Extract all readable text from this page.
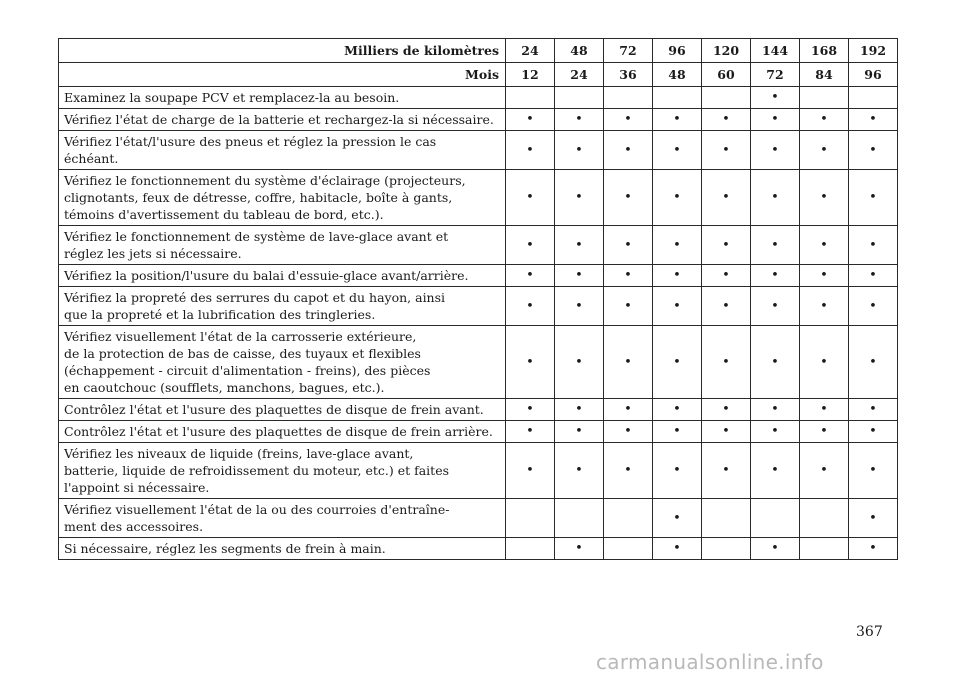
Milliers de kilomètres	24	48	72	96	120	144	168	192
Mois	12	24	36	48	60	72	84	96
Examinez la soupape PCV et remplacez-la au besoin.						•		
Vérifiez l'état de charge de la batterie et rechargez-la si nécessaire.	•	•	•	•	•	•	•	•
Vérifiez l'état/l'usure des pneus et réglez la pression le cas
échéant.	•	•	•	•	•	•	•	•
Vérifiez le fonctionnement du système d'éclairage (projecteurs,
clignotants, feux de détresse, coffre, habitacle, boîte à gants,
témoins d'avertissement du tableau de bord, etc.).	•	•	•	•	•	•	•	•
Vérifiez le fonctionnement de système de lave-glace avant et
réglez les jets si nécessaire.	•	•	•	•	•	•	•	•
Vérifiez la position/l'usure du balai d'essuie-glace avant/arrière.	•	•	•	•	•	•	•	•
Vérifiez la propreté des serrures du capot et du hayon, ainsi
que la propreté et la lubrification des tringleries.	•	•	•	•	•	•	•	•
Vérifiez visuellement l'état de la carrosserie extérieure,
de la protection de bas de caisse, des tuyaux et flexibles
(échappement - circuit d'alimentation - freins), des pièces
en caoutchouc (soufflets, manchons, bagues, etc.).	•	•	•	•	•	•	•	•
Contrôlez l'état et l'usure des plaquettes de disque de frein avant.	•	•	•	•	•	•	•	•
Contrôlez l'état et l'usure des plaquettes de disque de frein arrière.	•	•	•	•	•	•	•	•
Vérifiez les niveaux de liquide (freins, lave-glace avant,
batterie, liquide de refroidissement du moteur, etc.) et faites
l'appoint si nécessaire.	•	•	•	•	•	•	•	•
Vérifiez visuellement l'état de la ou des courroies d'entraîne-
ment des accessoires.				•				•
Si nécessaire, réglez les segments de frein à main.		•		•		•		•
367
carmanualsonline.info
